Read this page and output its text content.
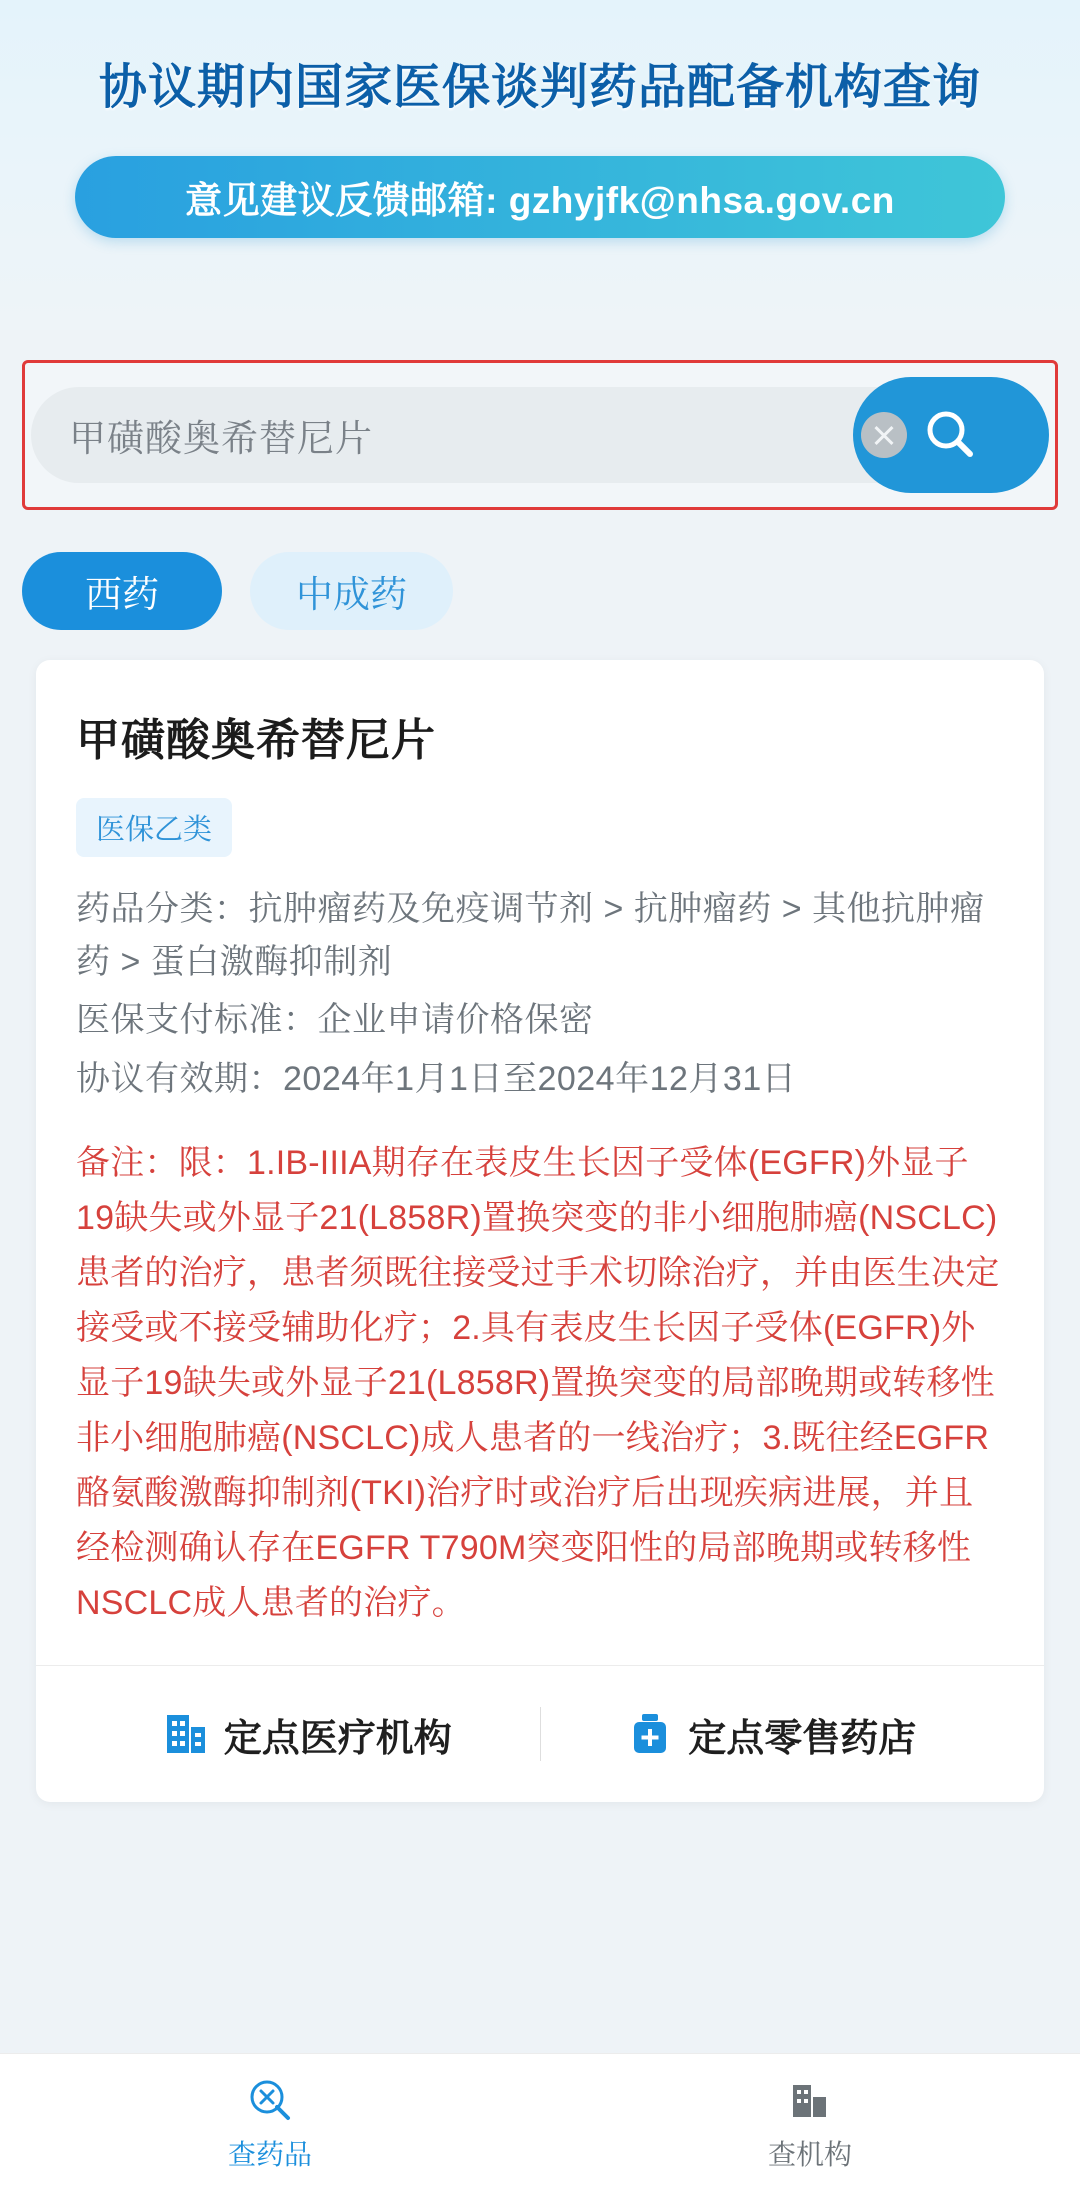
协议期内国家医保谈判药品配备机构查询
意见建议反馈邮箱: gzhyjfk@nhsa.gov.cn
甲磺酸奥希替尼片
西药	中成药
甲磺酸奥希替尼片
医保乙类
药品分类：抗肿瘤药及免疫调节剂 > 抗肿瘤药 > 其他抗肿瘤药 > 蛋白激酶抑制剂
医保支付标准：企业申请价格保密
协议有效期：2024年1月1日至2024年12月31日
备注：限：1.IB-IIIA期存在表皮生长因子受体(EGFR)外显子19缺失或外显子21(L858R)置换突变的非小细胞肺癌(NSCLC)患者的治疗，患者须既往接受过手术切除治疗，并由医生决定接受或不接受辅助化疗；2.具有表皮生长因子受体(EGFR)外显子19缺失或外显子21(L858R)置换突变的局部晚期或转移性非小细胞肺癌(NSCLC)成人患者的一线治疗；3.既往经EGFR酪氨酸激酶抑制剂(TKI)治疗时或治疗后出现疾病进展，并且经检测确认存在EGFR T790M突变阳性的局部晚期或转移性NSCLC成人患者的治疗。
定点医疗机构	定点零售药店
查药品	查机构
